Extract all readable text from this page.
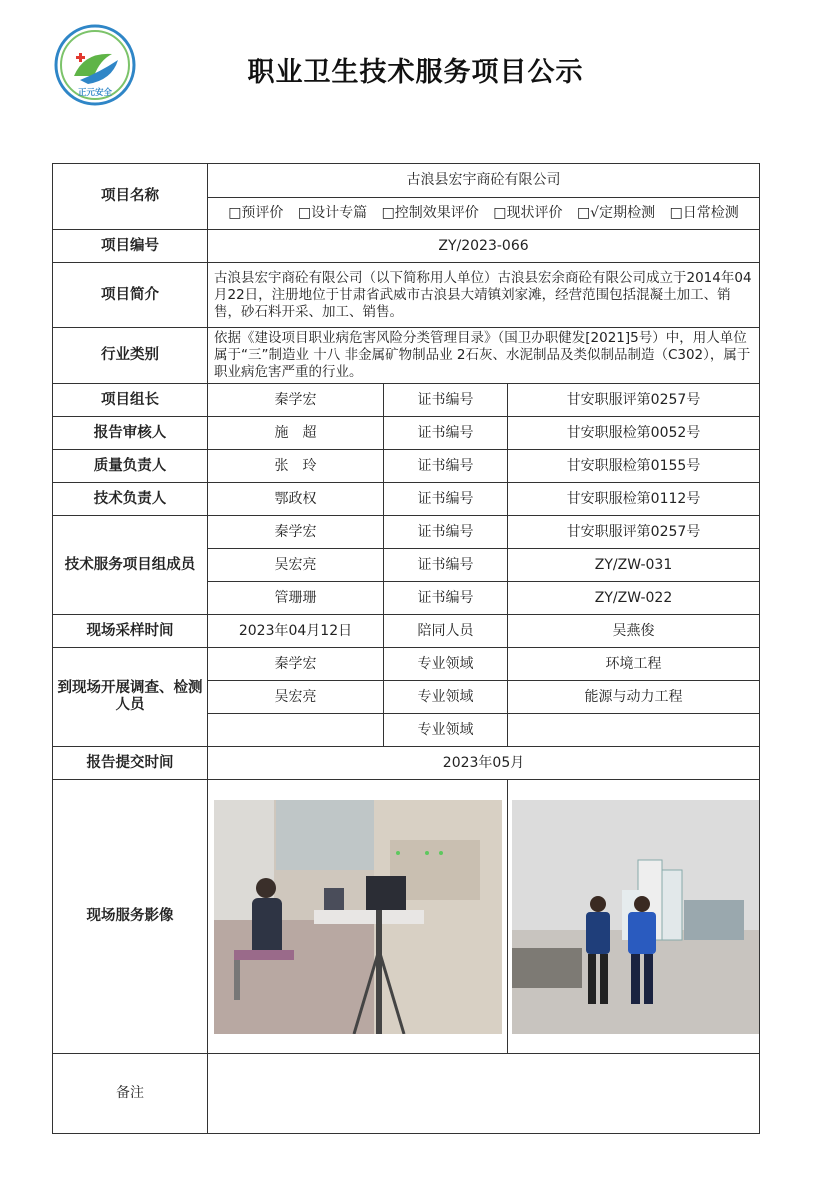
正元安全
职业卫生技术服务项目公示
项目名称	古浪县宏宇商砼有限公司		
	□预评价 □设计专篇 □控制效果评价 □现状评价 □√定期检测 □日常检测		
项目编号	ZY/2023-066		
项目简介	古浪县宏宇商砼有限公司（以下简称用人单位）古浪县宏余商砼有限公司成立于2014年04月22日，注册地位于甘肃省武威市古浪县大靖镇刘家滩，经营范围包括混凝土加工、销售，砂石料开采、加工、销售。		
行业类别	依据《建设项目职业病危害风险分类管理目录》（国卫办职健发[2021]5号）中，用人单位属于“三”制造业 十八 非金属矿物制品业 2石灰、水泥制品及类似制品制造（C302），属于职业病危害严重的行业。		
项目组长	秦学宏	证书编号	甘安职服评第0257号
报告审核人	施　超	证书编号	甘安职服检第0052号
质量负责人	张　玲	证书编号	甘安职服检第0155号
技术负责人	鄂政权	证书编号	甘安职服检第0112号
技术服务项目组成员	秦学宏	证书编号	甘安职服评第0257号
	吴宏亮	证书编号	ZY/ZW-031
	管珊珊	证书编号	ZY/ZW-022
现场采样时间	2023年04月12日	陪同人员	吴燕俊
到现场开展调查、检测人员	秦学宏	专业领域	环境工程
	吴宏亮	专业领域	能源与动力工程
		专业领域	
报告提交时间	2023年05月		
现场服务影像	

备注			
